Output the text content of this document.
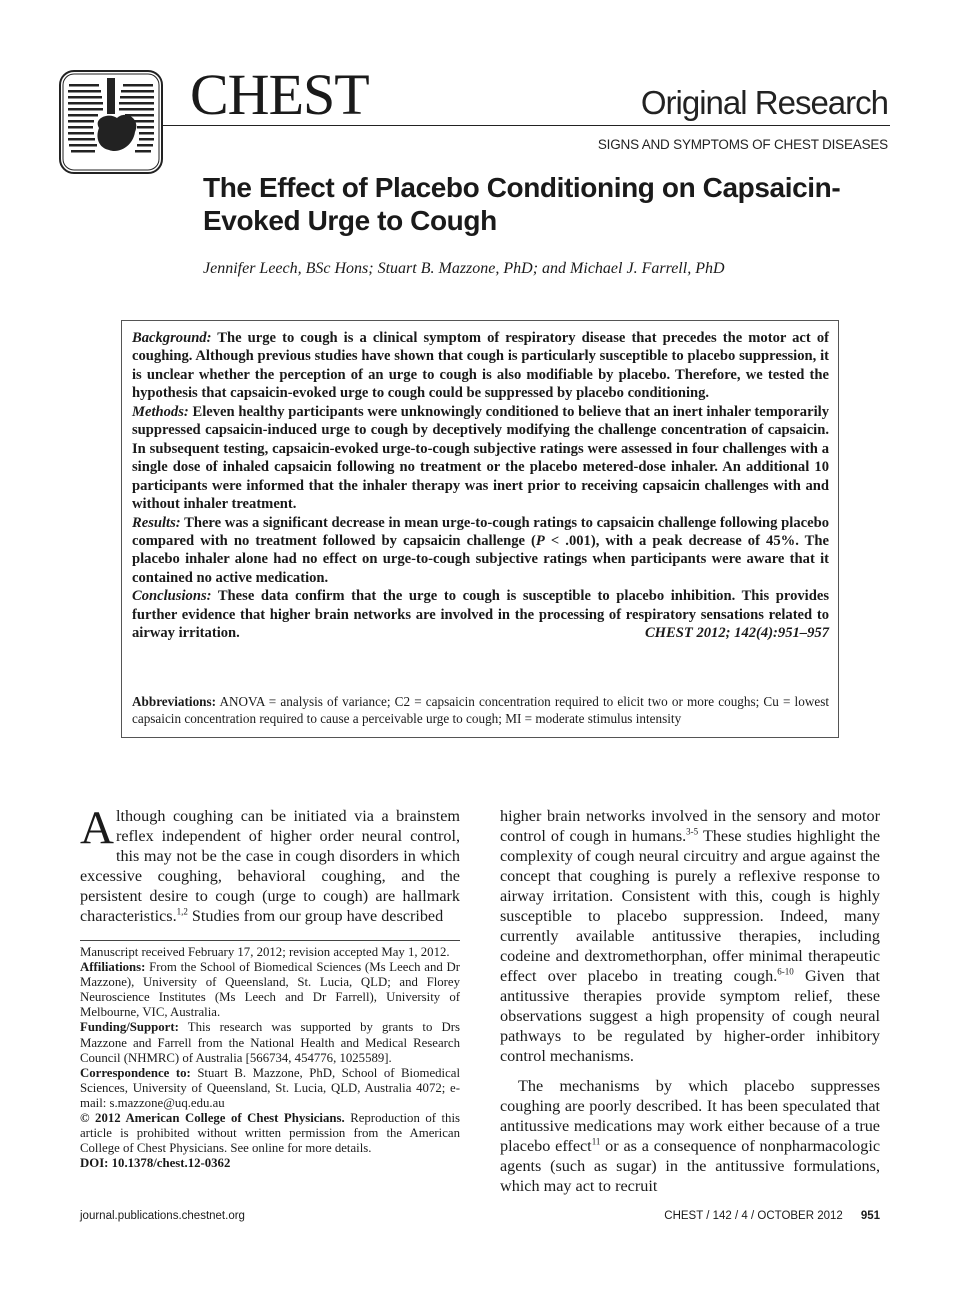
CHEST	Original Research
SIGNS AND SYMPTOMS OF CHEST DISEASES
The Effect of Placebo Conditioning on Capsaicin-Evoked Urge to Cough
Jennifer Leech, BSc Hons; Stuart B. Mazzone, PhD; and Michael J. Farrell, PhD

Background: The urge to cough is a clinical symptom of respiratory disease that precedes the motor act of coughing. Although previous studies have shown that cough is particularly susceptible to placebo suppression, it is unclear whether the perception of an urge to cough is also modifiable by placebo. Therefore, we tested the hypothesis that capsaicin-evoked urge to cough could be suppressed by placebo conditioning.

Methods: Eleven healthy participants were unknowingly conditioned to believe that an inert inhaler temporarily suppressed capsaicin-induced urge to cough by deceptively modifying the challenge concentration of capsaicin. In subsequent testing, capsaicin-evoked urge-to-cough subjective ratings were assessed in four challenges with a single dose of inhaled capsaicin following no treatment or the placebo metered-dose inhaler. An additional 10 participants were informed that the inhaler therapy was inert prior to receiving capsaicin challenges with and without inhaler treatment.

Results: There was a significant decrease in mean urge-to-cough ratings to capsaicin challenge following placebo compared with no treatment followed by capsaicin challenge (P < .001), with a peak decrease of 45%. The placebo inhaler alone had no effect on urge-to-cough subjective ratings when participants were aware that it contained no active medication.

Conclusions: These data confirm that the urge to cough is susceptible to placebo inhibition. This provides further evidence that higher brain networks are involved in the processing of respiratory sensations related to airway irritation.	CHEST 2012; 142(4):951–957

Abbreviations: ANOVA = analysis of variance; C2 = capsaicin concentration required to elicit two or more coughs; Cu = lowest capsaicin concentration required to cause a perceivable urge to cough; MI = moderate stimulus intensity

Although coughing can be initiated via a brainstem reflex independent of higher order neural control, this may not be the case in cough disorders in which excessive coughing, behavioral coughing, and the persistent desire to cough (urge to cough) are hallmark characteristics.$^{1,2}$ Studies from our group have described

Manuscript received February 17, 2012; revision accepted May 1, 2012.

Affiliations: From the School of Biomedical Sciences (Ms Leech and Dr Mazzone), University of Queensland, St. Lucia, QLD; and Florey Neuroscience Institutes (Ms Leech and Dr Farrell), University of Melbourne, VIC, Australia.

Funding/Support: This research was supported by grants to Drs Mazzone and Farrell from the National Health and Medical Research Council (NHMRC) of Australia [566734, 454776, 1025589].

Correspondence to: Stuart B. Mazzone, PhD, School of Biomedical Sciences, University of Queensland, St. Lucia, QLD, Australia 4072; e-mail: s.mazzone@uq.edu.au

© 2012 American College of Chest Physicians. Reproduction of this article is prohibited without written permission from the American College of Chest Physicians. See online for more details.

DOI: 10.1378/chest.12-0362

higher brain networks involved in the sensory and motor control of cough in humans.$^{3-5}$ These studies highlight the complexity of cough neural circuitry and argue against the concept that coughing is purely a reflexive response to airway irritation. Consistent with this, cough is highly susceptible to placebo suppression. Indeed, many currently available antitussive therapies, including codeine and dextromethorphan, offer minimal therapeutic effect over placebo in treating cough.$^{6-10}$ Given that antitussive therapies provide symptom relief, these observations suggest a high propensity of cough neural pathways to be regulated by higher-order inhibitory control mechanisms.

The mechanisms by which placebo suppresses coughing are poorly described. It has been speculated that antitussive medications may work either because of a true placebo effect$^{11}$ or as a consequence of nonpharmacologic agents (such as sugar) in the antitussive formulations, which may act to recruit

journal.publications.chestnet.org	CHEST / 142 / 4 / OCTOBER 2012 951
